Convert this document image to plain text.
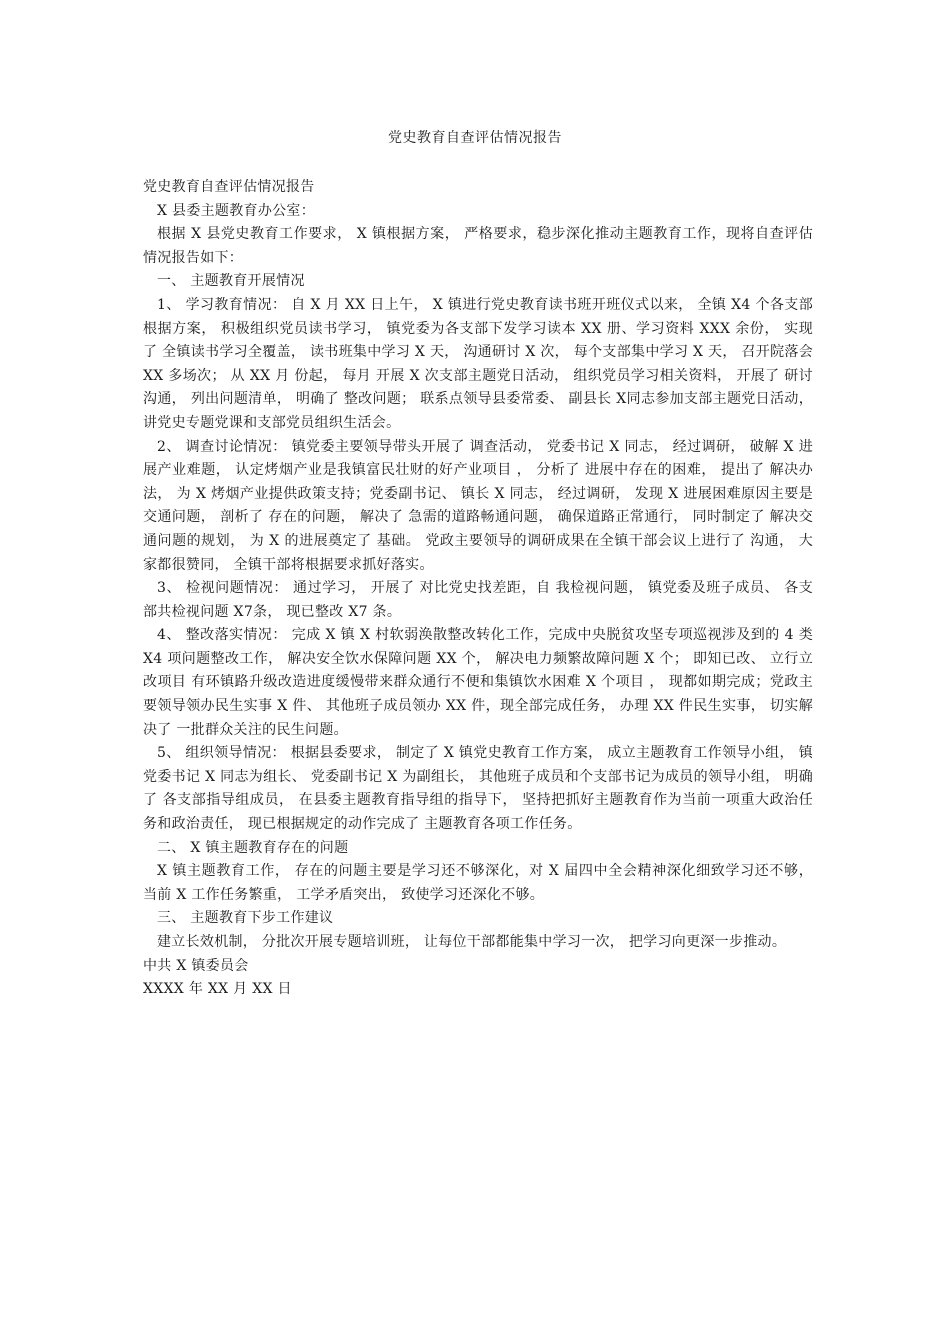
党史教育自查评估情况报告

党史教育自查评估情况报告

X 县委主题教育办公室：

根据 X 县党史教育工作要求， X 镇根据方案， 严格要求，稳步深化推动主题教育工作，现将自查评估情况报告如下：

一、 主题教育开展情况

1、 学习教育情况： 自 X 月 XX 日上午， X 镇进行党史教育读书班开班仪式以来， 全镇 X4 个各支部根据方案， 积极组织党员读书学习， 镇党委为各支部下发学习读本 XX 册、学习资料 XXX 余份， 实现了 全镇读书学习全覆盖， 读书班集中学习 X 天， 沟通研讨 X 次， 每个支部集中学习 X 天， 召开院落会 XX 多场次； 从 XX 月 份起， 每月 开展 X 次支部主题党日活动， 组织党员学习相关资料， 开展了 研讨沟通， 列出问题清单， 明确了 整改问题； 联系点领导县委常委、 副县长 X同志参加支部主题党日活动， 讲党史专题党课和支部党员组织生活会。

2、 调查讨论情况： 镇党委主要领导带头开展了 调查活动， 党委书记 X 同志， 经过调研， 破解 X 进展产业难题， 认定烤烟产业是我镇富民壮财的好产业项目 ， 分析了 进展中存在的困难， 提出了 解决办法， 为 X 烤烟产业提供政策支持；党委副书记、 镇长 X 同志， 经过调研， 发现 X 进展困难原因主要是交通问题， 剖析了 存在的问题， 解决了 急需的道路畅通问题， 确保道路正常通行， 同时制定了 解决交通问题的规划， 为 X 的进展奠定了 基础。 党政主要领导的调研成果在全镇干部会议上进行了 沟通， 大家都很赞同， 全镇干部将根据要求抓好落实。

3、 检视问题情况： 通过学习， 开展了 对比党史找差距，自 我检视问题， 镇党委及班子成员、 各支部共检视问题 X7条， 现已整改 X7 条。

4、 整改落实情况： 完成 X 镇 X 村软弱涣散整改转化工作，完成中央脱贫攻坚专项巡视涉及到的 4 类 X4 项问题整改工作， 解决安全饮水保障问题 XX 个， 解决电力频繁故障问题 X 个； 即知已改、 立行立改项目 有环镇路升级改造进度缓慢带来群众通行不便和集镇饮水困难 X 个项目 ， 现都如期完成；党政主要领导领办民生实事 X 件、 其他班子成员领办 XX 件，现全部完成任务， 办理 XX 件民生实事， 切实解决了 一批群众关注的民生问题。

5、 组织领导情况： 根据县委要求， 制定了 X 镇党史教育工作方案， 成立主题教育工作领导小组， 镇党委书记 X 同志为组长、 党委副书记 X 为副组长， 其他班子成员和个支部书记为成员的领导小组， 明确了 各支部指导组成员， 在县委主题教育指导组的指导下， 坚持把抓好主题教育作为当前一项重大政治任务和政治责任， 现已根据规定的动作完成了 主题教育各项工作任务。

二、 X 镇主题教育存在的问题

X 镇主题教育工作， 存在的问题主要是学习还不够深化，对 X 届四中全会精神深化细致学习还不够， 当前 X 工作任务繁重， 工学矛盾突出， 致使学习还深化不够。

三、 主题教育下步工作建议

建立长效机制， 分批次开展专题培训班， 让每位干部都能集中学习一次， 把学习向更深一步推动。

中共 X 镇委员会

XXXX 年 XX 月 XX 日
